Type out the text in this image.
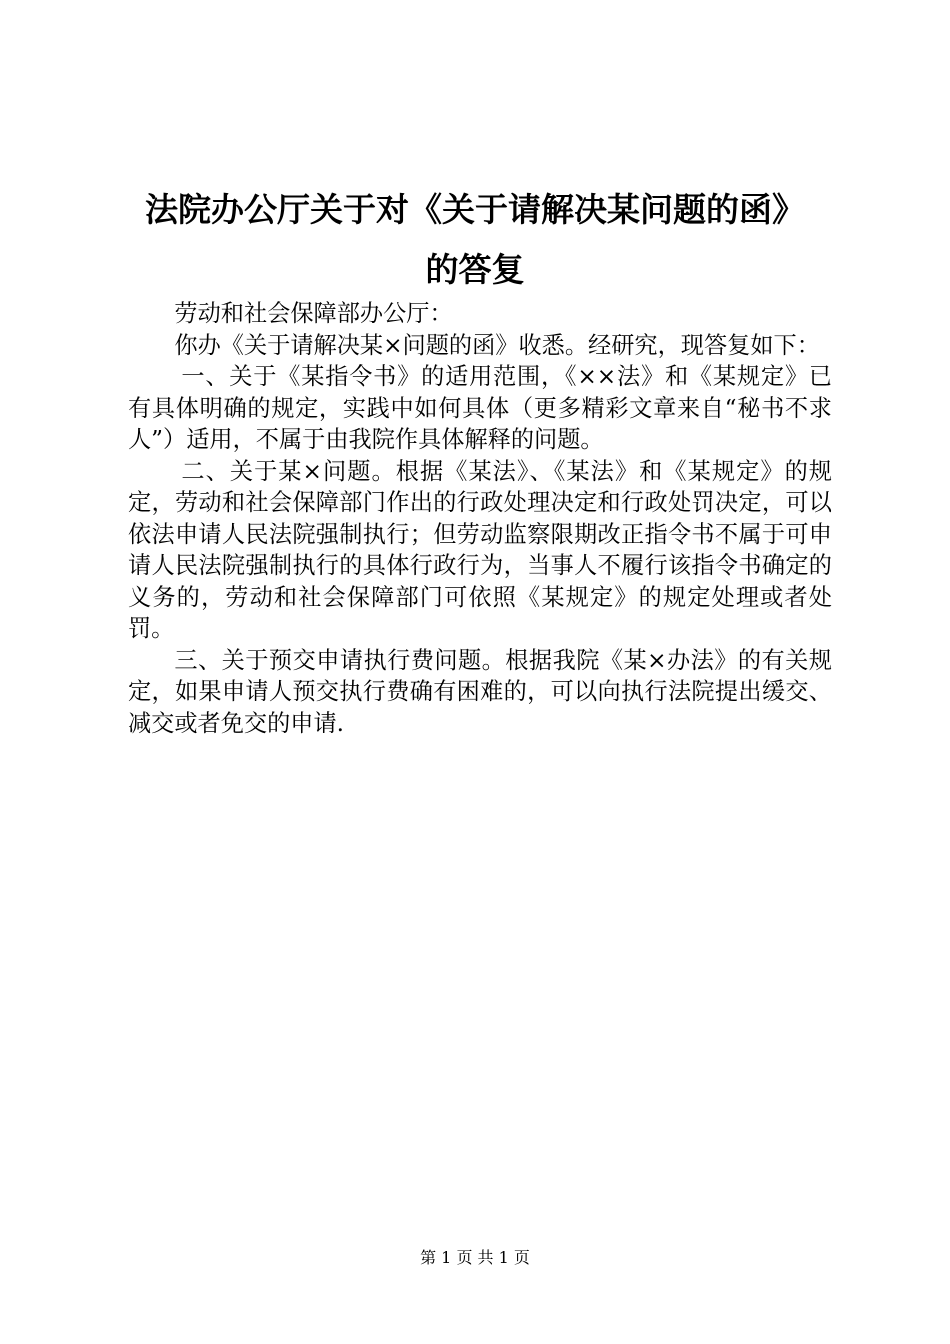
法院办公厅关于对《关于请解决某问题的函》
的答复

劳动和社会保障部办公厅：

你办《关于请解决某×问题的函》收悉。经研究，现答复如下：

一、关于《某指令书》的适用范围，《××法》和《某规定》已有具体明确的规定，实践中如何具体（更多精彩文章来自“秘书不求人”）适用，不属于由我院作具体解释的问题。

二、关于某×问题。根据《某法》、《某法》和《某规定》的规定，劳动和社会保障部门作出的行政处理决定和行政处罚决定，可以依法申请人民法院强制执行；但劳动监察限期改正指令书不属于可申请人民法院强制执行的具体行政行为，当事人不履行该指令书确定的义务的，劳动和社会保障部门可依照《某规定》的规定处理或者处罚。

三、关于预交申请执行费问题。根据我院《某×办法》的有关规定，如果申请人预交执行费确有困难的，可以向执行法院提出缓交、减交或者免交的申请.

第 1 页 共 1 页
